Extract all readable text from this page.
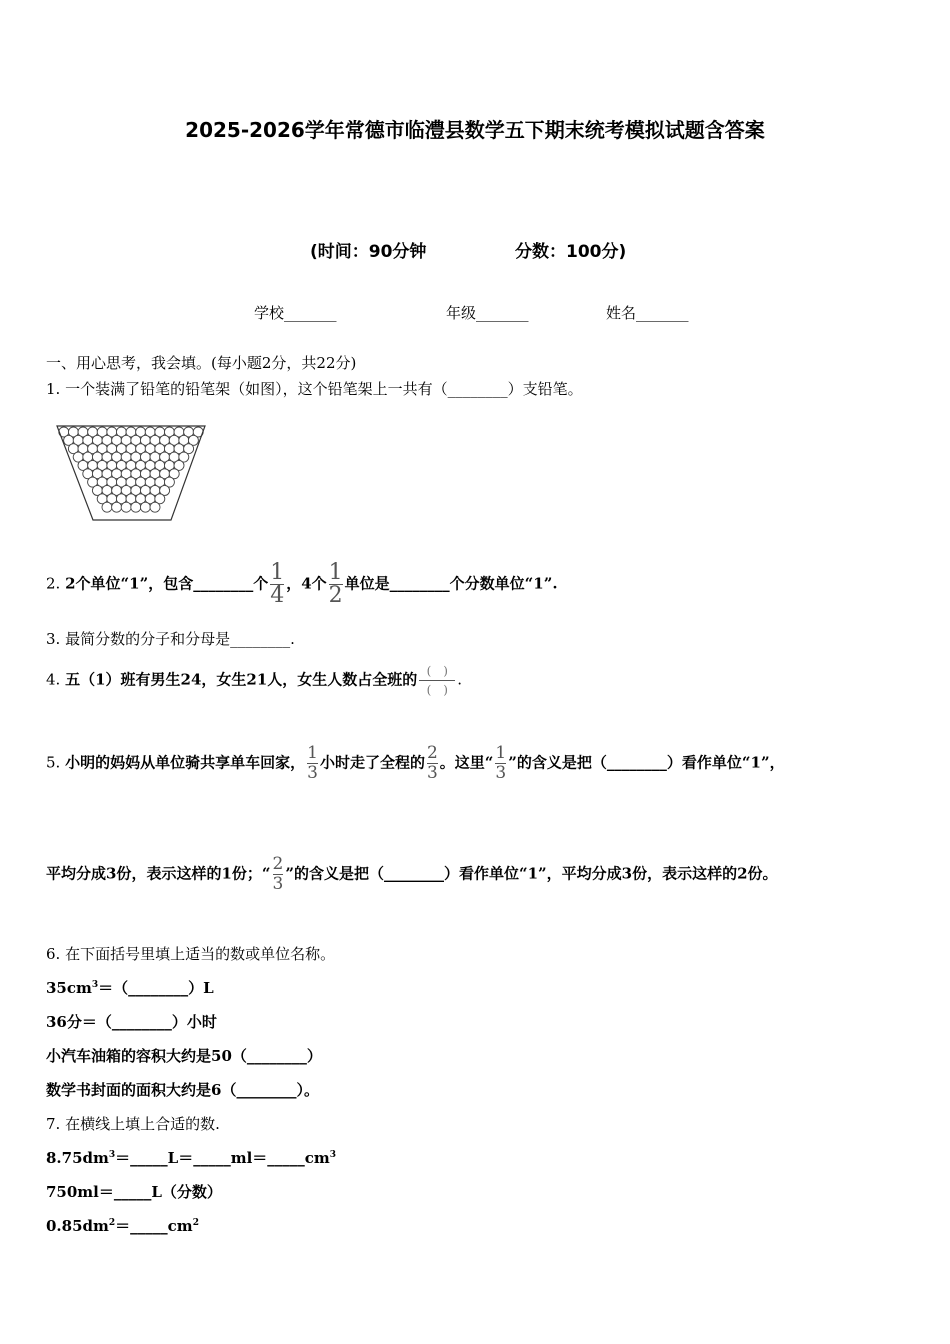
2025-2026学年常德市临澧县数学五下期末统考模拟试题含答案
(时间：90分钟	分数：100分)
学校_______	年级_______	姓名_______
一、用心思考，我会填。(每小题2分，共22分)
1. 一个装满了铅笔的铅笔架（如图），这个铅笔架上一共有（________）支铅笔。
2. 2个单位“1”，包含________个 $\frac{1}{4}$ ，4个 $\frac{1}{2}$ 单位是________个分数单位“1”.
3. 最简分数的分子和分母是________.
4. 五（1）班有男生24，女生21人，女生人数占全班的 $\frac{( )}{( )}$ .
5. 小明的妈妈从单位骑共享单车回家， $\frac{1}{3}$ 小时走了全程的 $\frac{2}{3}$ 。这里“ $\frac{1}{3}$ ”的含义是把（________）看作单位“1”，
平均分成3份，表示这样的1份；“ $\frac{2}{3}$ ”的含义是把（________）看作单位“1”，平均分成3份，表示这样的2份。
6. 在下面括号里填上适当的数或单位名称。
$35cm^3=(\_\_\_\_\_\_\_\_)L$
36分＝（________）小时
小汽车油箱的容积大约是50（________）
数学书封面的面积大约是6（________）。
7. 在横线上填上合适的数.
$8.75dm^3=\_\_\_\_\_L=\_\_\_\_\_ml=\_\_\_\_\_cm^3$
750ml＝_____L（分数）
$0.85dm^2=\_\_\_\_\_cm^2$
